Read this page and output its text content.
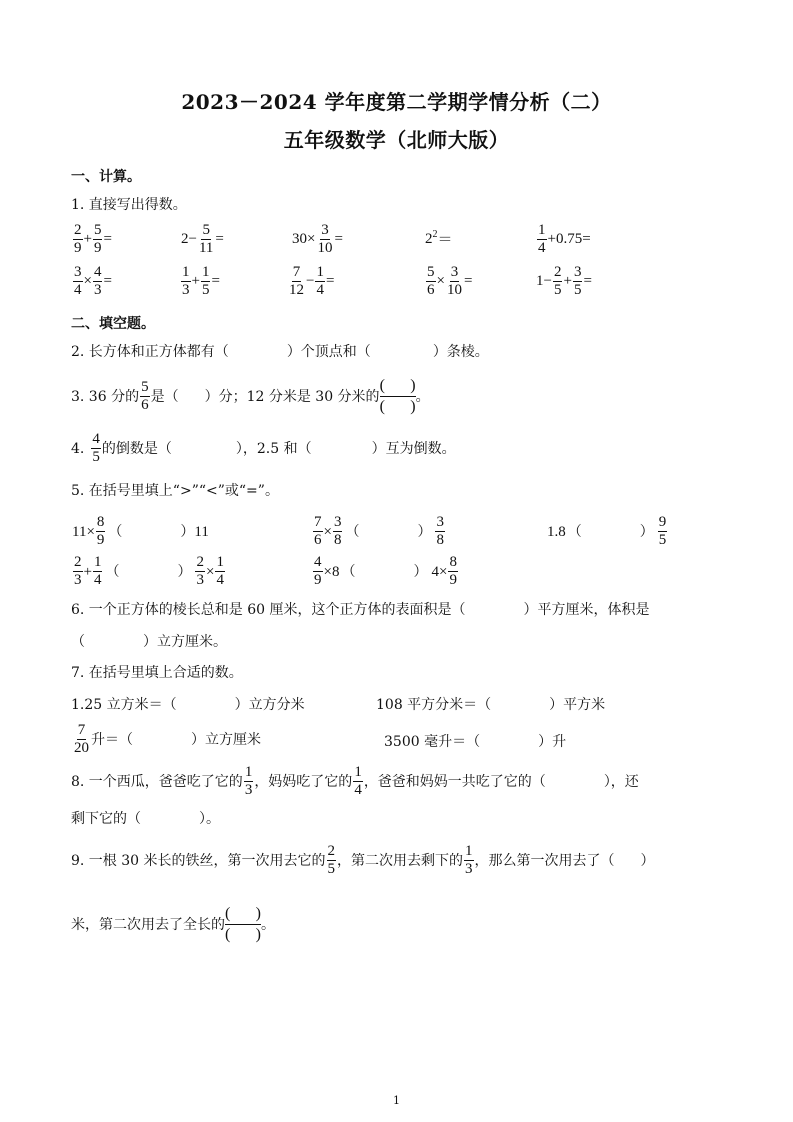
2023－2024 学年度第二学期学情分析（二）
五年级数学（北师大版）
一、计算。
1. 直接写出得数。
$\frac{2}{9} + \frac{5}{9}$ =	$2 - \frac{5}{11}$ =	$30 \times \frac{3}{10}$ =	$2^2$ ＝	$\frac{1}{4} + 0.75$ =
$\frac{3}{4} \times \frac{4}{3}$ =	$\frac{1}{3} + \frac{1}{5}$ =	$\frac{7}{12} - \frac{1}{4}$ =	$\frac{5}{6} \times \frac{3}{10}$ =	$1 - \frac{2}{5} + \frac{3}{5}$ =
二、填空题。
2. 长方体和正方体都有（	）个顶点和（	）条棱。
3. 36 分的 $\frac{5}{6}$ 是（ ）分；12 分米是 30 分米的 $\frac{( )}{( )}$ 。
4. $\frac{4}{5}$ 的倒数是（	），2.5 和（	）互为倒数。
5. 在括号里填上“>”“<”或“=”。
$11\times \frac{8}{9}$ （	） 11	$\frac{7}{6} \times \frac{3}{8}$ （	） $\frac{3}{8}$	1.8 （	） $\frac{9}{5}$
$\frac{2}{3} + \frac{1}{4}$ （	） $\frac{2}{3} \times \frac{1}{4}$	$\frac{4}{9} \times 8$ （	） $4\times \frac{8}{9}$
6. 一个正方体的棱长总和是 60 厘米，这个正方体的表面积是（	）平方厘米，体积是
（	）立方厘米。
7. 在括号里填上合适的数。
1.25 立方米＝（	）立方分米	108 平方分米＝（	）平方米
$\frac{7}{20}$ 升＝（	）立方厘米	3500 毫升＝（	）升
8. 一个西瓜，爸爸吃了它的 $\frac{1}{3}$ ，妈妈吃了它的 $\frac{1}{4}$ ，爸爸和妈妈一共吃了它的（	），还
剩下它的（	）。
9. 一根 30 米长的铁丝，第一次用去它的 $\frac{2}{5}$ ，第二次用去剩下的 $\frac{1}{3}$ ，那么第一次用去了（ ）
米，第二次用去了全长的 $\frac{( )}{( )}$ 。
1
